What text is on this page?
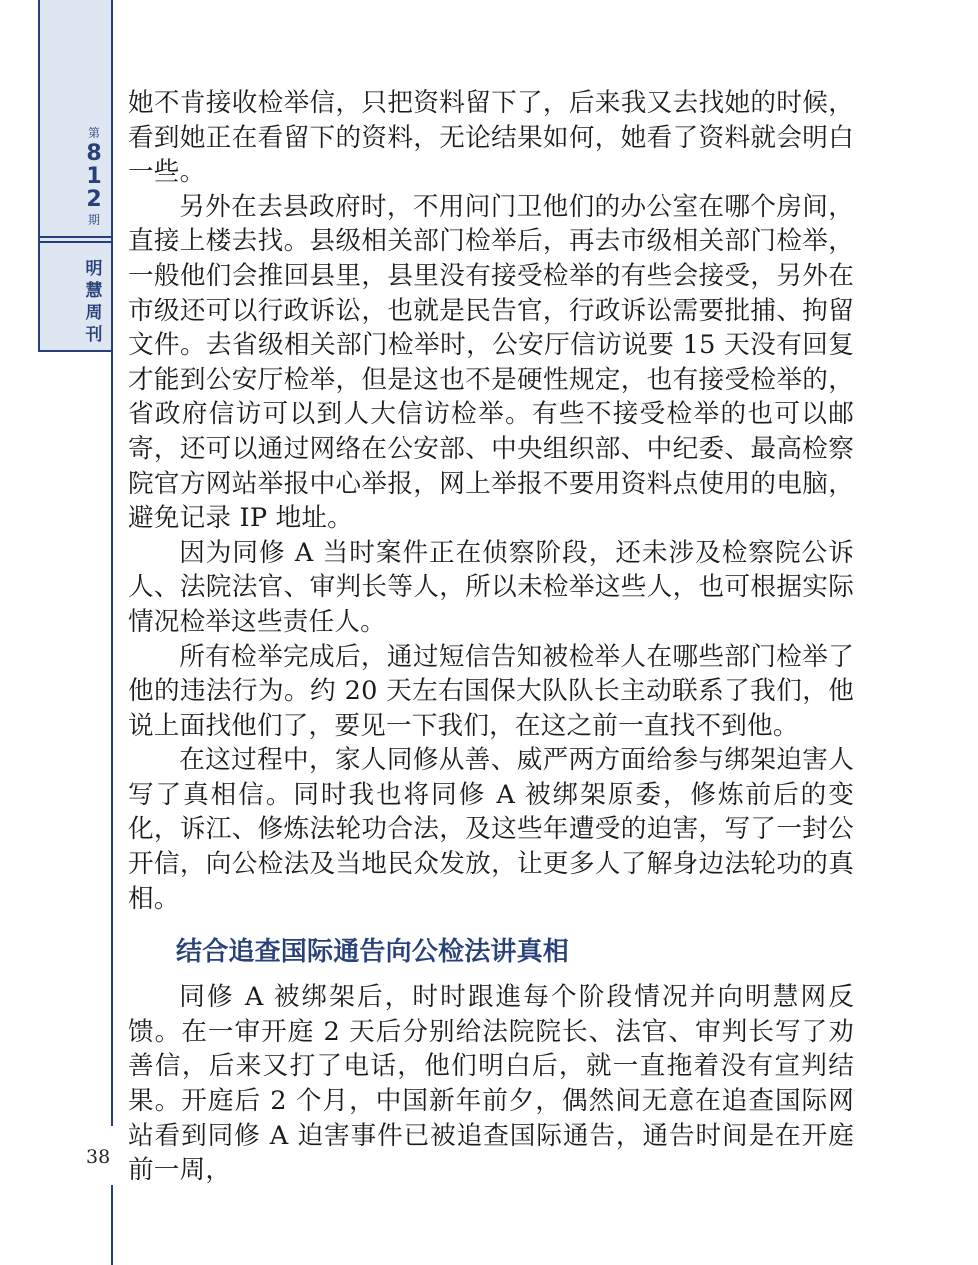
第
8
1
2
期
明
慧
周
刊
38

她不肯接收检举信，只把资料留下了，后来我又去找她的时候，看到她正在看留下的资料，无论结果如何，她看了资料就会明白一些。

另外在去县政府时，不用问门卫他们的办公室在哪个房间，直接上楼去找。县级相关部门检举后，再去市级相关部门检举，一般他们会推回县里，县里没有接受检举的有些会接受，另外在市级还可以行政诉讼，也就是民告官，行政诉讼需要批捕、拘留文件。去省级相关部门检举时，公安厅信访说要 15 天没有回复才能到公安厅检举，但是这也不是硬性规定，也有接受检举的，省政府信访可以到人大信访检举。有些不接受检举的也可以邮寄，还可以通过网络在公安部、中央组织部、中纪委、最高检察院官方网站举报中心举报，网上举报不要用资料点使用的电脑，避免记录 IP 地址。

因为同修 A 当时案件正在侦察阶段，还未涉及检察院公诉人、法院法官、审判长等人，所以未检举这些人，也可根据实际情况检举这些责任人。

所有检举完成后，通过短信告知被检举人在哪些部门检举了他的违法行为。约 20 天左右国保大队队长主动联系了我们，他说上面找他们了，要见一下我们，在这之前一直找不到他。

在这过程中，家人同修从善、威严两方面给参与绑架迫害人写了真相信。同时我也将同修 A 被绑架原委，修炼前后的变化，诉江、修炼法轮功合法，及这些年遭受的迫害，写了一封公开信，向公检法及当地民众发放，让更多人了解身边法轮功的真相。

结合追查国际通告向公检法讲真相

同修 A 被绑架后，时时跟進每个阶段情况并向明慧网反馈。在一审开庭 2 天后分别给法院院长、法官、审判长写了劝善信，后来又打了电话，他们明白后，就一直拖着没有宣判结果。开庭后 2 个月，中国新年前夕，偶然间无意在追查国际网站看到同修 A 迫害事件已被追查国际通告，通告时间是在开庭前一周，
